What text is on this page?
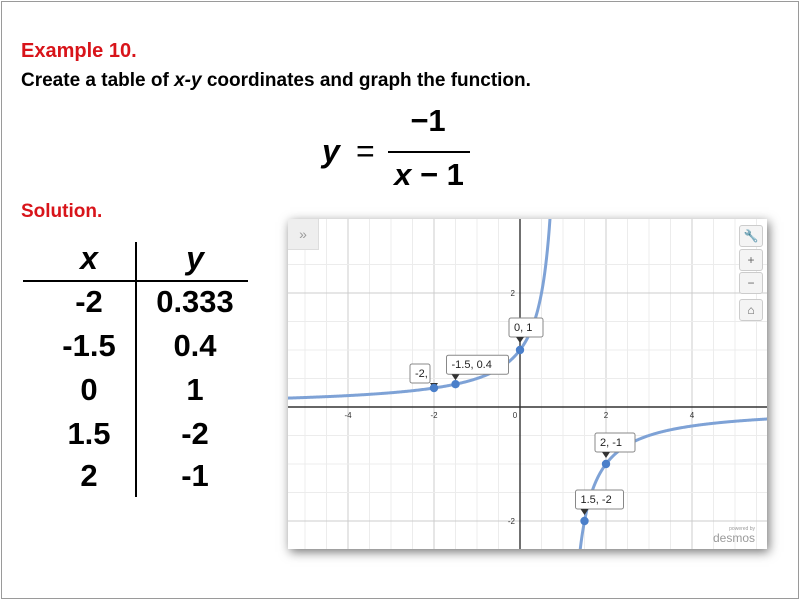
Example 10.
Create a table of x-y coordinates and graph the function.
y =
−1
x − 1
Solution.
x	y
-2	0.333
-1.5	0.4
0	1
1.5	-2
2	-1
-4	-2	0	2	4
2
-2
-2,
-1.5, 0.4
0, 1
1.5, -2
2, -1
»	🔧
+
−
⌂
powered by
desmos
